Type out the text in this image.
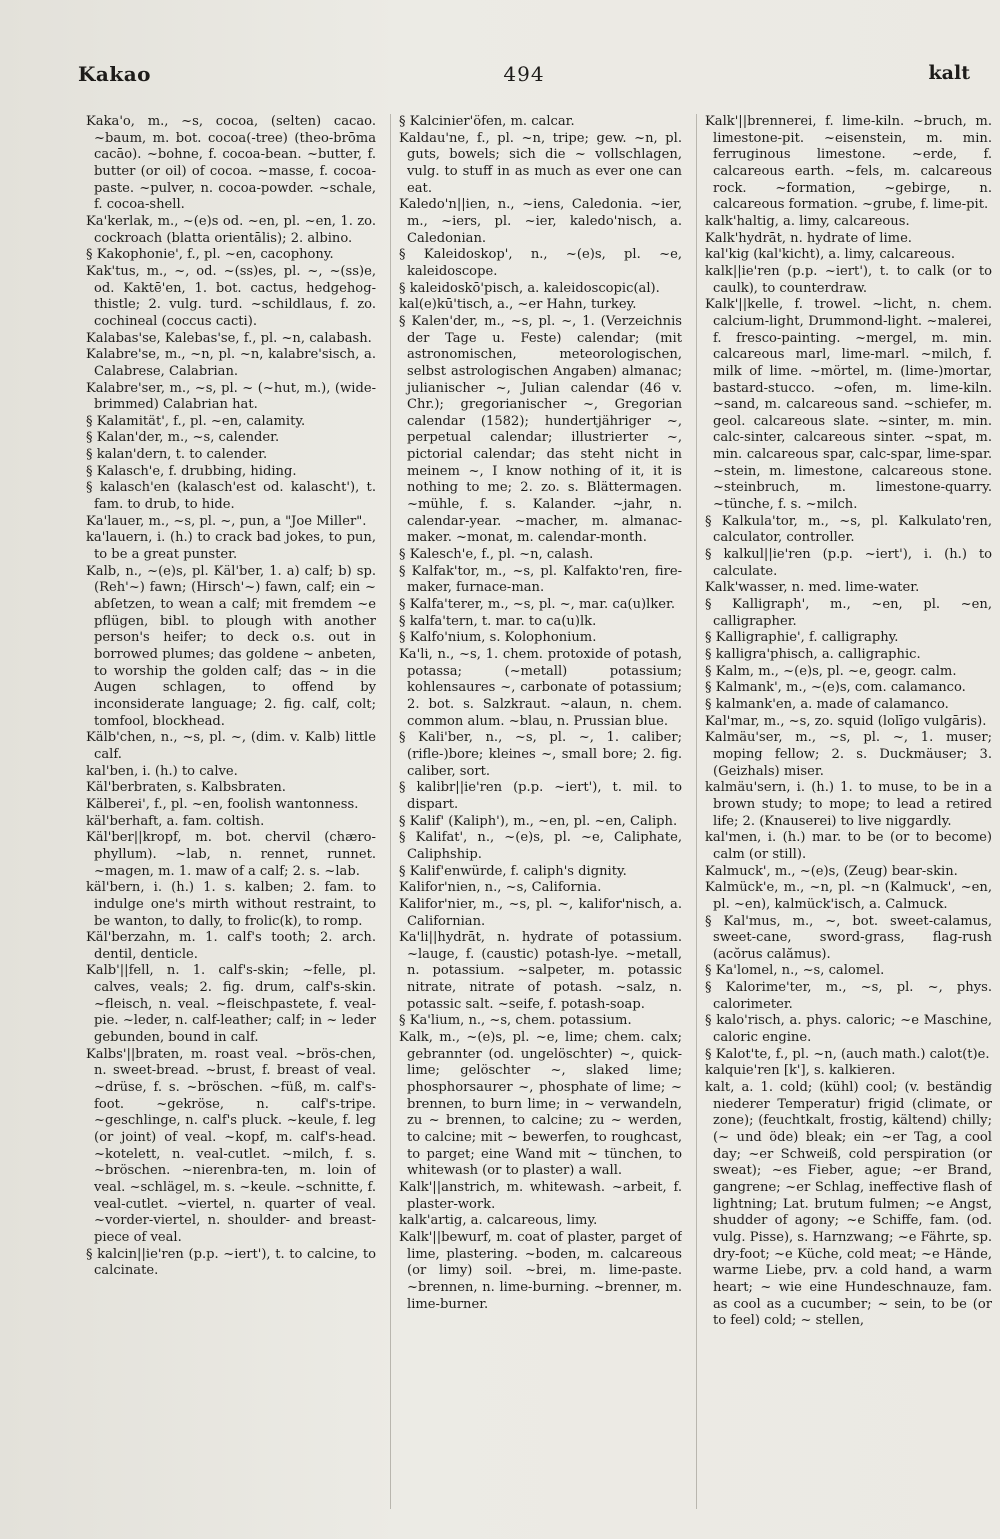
Kakao	494	kalt

Kaka'o, m., ~s, cocoa, (selten) cacao. ~baum, m. bot. cocoa(-tree) (theo-brōma cacāo). ~bohne, f. cocoa-bean. ~butter, f. butter (or oil) of cocoa. ~masse, f. cocoa-paste. ~pulver, n. cocoa-powder. ~schale, f. cocoa-shell.

Ka'kerlak, m., ~(e)s od. ~en, pl. ~en, 1. zo. cockroach (blatta orientālis); 2. albino.

§ Kakophonie', f., pl. ~en, cacophony.

Kak'tus, m., ~, od. ~(ss)es, pl. ~, ~(ss)e, od. Kaktē'en, 1. bot. cactus, hedgehog-thistle; 2. vulg. turd. ~schildlaus, f. zo. cochineal (coccus cacti).

Kalabas'se, Kalebas'se, f., pl. ~n, calabash.

Kalabre'se, m., ~n, pl. ~n, kalabre'sisch, a. Calabrese, Calabrian.

Kalabre'ser, m., ~s, pl. ~ (~hut, m.), (wide-brimmed) Calabrian hat.

§ Kalamität', f., pl. ~en, calamity.

§ Kalan'der, m., ~s, calender.

§ kalan'dern, t. to calender.

§ Kalasch'e, f. drubbing, hiding.

§ kalasch'en (kalasch'est od. kalascht'), t. fam. to drub, to hide.

Ka'lauer, m., ~s, pl. ~, pun, a "Joe Miller".

ka'lauern, i. (h.) to crack bad jokes, to pun, to be a great punster.

Kalb, n., ~(e)s, pl. Käl'ber, 1. a) calf; b) sp. (Reh'~) fawn; (Hirsch'~) fawn, calf; ein ~ abſetzen, to wean a calf; mit fremdem ~e pflügen, bibl. to plough with another person's heifer; to deck o.s. out in borrowed plumes; das goldene ~ anbeten, to worship the golden calf; das ~ in die Augen schlagen, to offend by inconsiderate language; 2. fig. calf, colt; tomfool, blockhead.

Kälb'chen, n., ~s, pl. ~, (dim. v. Kalb) little calf.

kal'ben, i. (h.) to calve.

Käl'berbraten, s. Kalbsbraten.

Kälberei', f., pl. ~en, foolish wantonness.

käl'berhaft, a. fam. coltish.

Käl'ber||kropf, m. bot. chervil (chæro-phyllum). ~lab, n. rennet, runnet. ~magen, m. 1. maw of a calf; 2. s. ~lab.

käl'bern, i. (h.) 1. s. kalben; 2. fam. to indulge one's mirth without restraint, to be wanton, to dally, to frolic(k), to romp.

Käl'berzahn, m. 1. calf's tooth; 2. arch. dentil, denticle.

Kalb'||fell, n. 1. calf's-skin; ~felle, pl. calves, veals; 2. fig. drum, calf's-skin. ~fleisch, n. veal. ~fleischpastete, f. veal-pie. ~leder, n. calf-leather; calf; in ~ leder gebunden, bound in calf.

Kalbs'||braten, m. roast veal. ~brös-chen, n. sweet-bread. ~brust, f. breast of veal. ~drüse, f. s. ~bröschen. ~füß, m. calf's-foot. ~gekröse, n. calf's-tripe. ~geschlinge, n. calf's pluck. ~keule, f. leg (or joint) of veal. ~kopf, m. calf's-head. ~kotelett, n. veal-cutlet. ~milch, f. s. ~bröschen. ~nierenbra-ten, m. loin of veal. ~schlägel, m. s. ~keule. ~schnitte, f. veal-cutlet. ~viertel, n. quarter of veal. ~vorder-viertel, n. shoulder- and breast-piece of veal.

§ kalcin||ie'ren (p.p. ~iert'), t. to calcine, to calcinate.

§ Kalcinier'öfen, m. calcar.

Kaldau'ne, f., pl. ~n, tripe; gew. ~n, pl. guts, bowels; sich die ~ vollschlagen, vulg. to stuff in as much as ever one can eat.

Kaledo'n||ien, n., ~iens, Caledonia. ~ier, m., ~iers, pl. ~ier, kaledo'nisch, a. Caledonian.

§ Kaleidoskop', n., ~(e)s, pl. ~e, kaleidoscope.

§ kaleidoskō'pisch, a. kaleidoscopic(al).

kal(e)kū'tisch, a., ~er Hahn, turkey.

§ Kalen'der, m., ~s, pl. ~, 1. (Verzeichnis der Tage u. Feste) calendar; (mit astronomischen, meteorologischen, selbst astrologischen Angaben) almanac; julianischer ~, Julian calendar (46 v. Chr.); gregorianischer ~, Gregorian calendar (1582); hundertjähriger ~, perpetual calendar; illustrierter ~, pictorial calendar; das steht nicht in meinem ~, I know nothing of it, it is nothing to me; 2. zo. s. Blättermagen. ~mühle, f. s. Kalander. ~jahr, n. calendar-year. ~macher, m. almanac-maker. ~monat, m. calendar-month.

§ Kalesch'e, f., pl. ~n, calash.

§ Kalfak'tor, m., ~s, pl. Kalfakto'ren, fire-maker, furnace-man.

§ Kalfa'terer, m., ~s, pl. ~, mar. ca(u)lker.

§ kalfa'tern, t. mar. to ca(u)lk.

§ Kalfo'nium, s. Kolophonium.

Ka'li, n., ~s, 1. chem. protoxide of potash, potassa; (~metall) potassium; kohlensaures ~, carbonate of potassium; 2. bot. s. Salzkraut. ~alaun, n. chem. common alum. ~blau, n. Prussian blue.

§ Kali'ber, n., ~s, pl. ~, 1. caliber; (rifle-)bore; kleines ~, small bore; 2. fig. caliber, sort.

§ kalibr||ie'ren (p.p. ~iert'), t. mil. to dispart.

§ Kalif' (Kaliph'), m., ~en, pl. ~en, Caliph.

§ Kalifat', n., ~(e)s, pl. ~e, Caliphate, Caliphship.

§ Kalif'enwürde, f. caliph's dignity.

Kalifor'nien, n., ~s, California.

Kalifor'nier, m., ~s, pl. ~, kalifor'nisch, a. Californian.

Ka'li||hydrāt, n. hydrate of potassium. ~lauge, f. (caustic) potash-lye. ~metall, n. potassium. ~salpeter, m. potassic nitrate, nitrate of potash. ~salz, n. potassic salt. ~seife, f. potash-soap.

§ Ka'lium, n., ~s, chem. potassium.

Kalk, m., ~(e)s, pl. ~e, lime; chem. calx; gebrannter (od. ungelöschter) ~, quick-lime; gelöschter ~, slaked lime; phosphorsaurer ~, phosphate of lime; ~ brennen, to burn lime; in ~ verwandeln, zu ~ brennen, to calcine; zu ~ werden, to calcine; mit ~ bewerfen, to roughcast, to parget; eine Wand mit ~ tünchen, to whitewash (or to plaster) a wall.

Kalk'||anstrich, m. whitewash. ~arbeit, f. plaster-work.

kalk'artig, a. calcareous, limy.

Kalk'||bewurf, m. coat of plaster, parget of lime, plastering. ~boden, m. calcareous (or limy) soil. ~brei, m. lime-paste. ~brennen, n. lime-burning. ~brenner, m. lime-burner.

Kalk'||brennerei, f. lime-kiln. ~bruch, m. limestone-pit. ~eisenstein, m. min. ferruginous limestone. ~erde, f. calcareous earth. ~fels, m. calcareous rock. ~formation, ~gebirge, n. calcareous formation. ~grube, f. lime-pit.

kalk'haltig, a. limy, calcareous.

Kalk'hydrāt, n. hydrate of lime.

kal'kig (kal'kicht), a. limy, calcareous.

kalk||ie'ren (p.p. ~iert'), t. to calk (or to caulk), to counterdraw.

Kalk'||kelle, f. trowel. ~licht, n. chem. calcium-light, Drummond-light. ~malerei, f. fresco-painting. ~mergel, m. min. calcareous marl, lime-marl. ~milch, f. milk of lime. ~mörtel, m. (lime-)mortar, bastard-stucco. ~ofen, m. lime-kiln. ~sand, m. calcareous sand. ~schiefer, m. geol. calcareous slate. ~sinter, m. min. calc-sinter, calcareous sinter. ~spat, m. min. calcareous spar, calc-spar, lime-spar. ~stein, m. limestone, calcareous stone. ~steinbruch, m. limestone-quarry. ~tünche, f. s. ~milch.

§ Kalkula'tor, m., ~s, pl. Kalkulato'ren, calculator, controller.

§ kalkul||ie'ren (p.p. ~iert'), i. (h.) to calculate.

Kalk'wasser, n. med. lime-water.

§ Kalligraph', m., ~en, pl. ~en, calligrapher.

§ Kalligraphie', f. calligraphy.

§ kalligra'phisch, a. calligraphic.

§ Kalm, m., ~(e)s, pl. ~e, geogr. calm.

§ Kalmank', m., ~(e)s, com. calamanco.

§ kalmank'en, a. made of calamanco.

Kal'mar, m., ~s, zo. squid (lolīgo vulgāris).

Kalmäu'ser, m., ~s, pl. ~, 1. muser; moping fellow; 2. s. Duckmäuser; 3. (Geizhals) miser.

kalmäu'sern, i. (h.) 1. to muse, to be in a brown study; to mope; to lead a retired life; 2. (Knauserei) to live niggardly.

kal'men, i. (h.) mar. to be (or to become) calm (or still).

Kalmuck', m., ~(e)s, (Zeug) bear-skin.

Kalmück'e, m., ~n, pl. ~n (Kalmuck', ~en, pl. ~en), kalmück'isch, a. Calmuck.

§ Kal'mus, m., ~, bot. sweet-calamus, sweet-cane, sword-grass, flag-rush (acŏrus calămus).

§ Ka'lomel, n., ~s, calomel.

§ Kalorime'ter, m., ~s, pl. ~, phys. calorimeter.

§ kalo'risch, a. phys. caloric; ~e Maschine, caloric engine.

§ Kalot'te, f., pl. ~n, (auch math.) calot(t)e.

kalquie'ren [k'], s. kalkieren.

kalt, a. 1. cold; (kühl) cool; (v. beständig niederer Temperatur) frigid (climate, or zone); (feuchtkalt, frostig, kältend) chilly; (~ und öde) bleak; ein ~er Tag, a cool day; ~er Schweiß, cold perspiration (or sweat); ~es Fieber, ague; ~er Brand, gangrene; ~er Schlag, ineffective flash of lightning; Lat. brutum fulmen; ~e Angst, shudder of agony; ~e Schiffe, fam. (od. vulg. Pisse), s. Harnzwang; ~e Fährte, sp. dry-foot; ~e Küche, cold meat; ~e Hände, warme Liebe, prv. a cold hand, a warm heart; ~ wie eine Hundeschnauze, fam. as cool as a cucumber; ~ sein, to be (or to feel) cold; ~ stellen,
